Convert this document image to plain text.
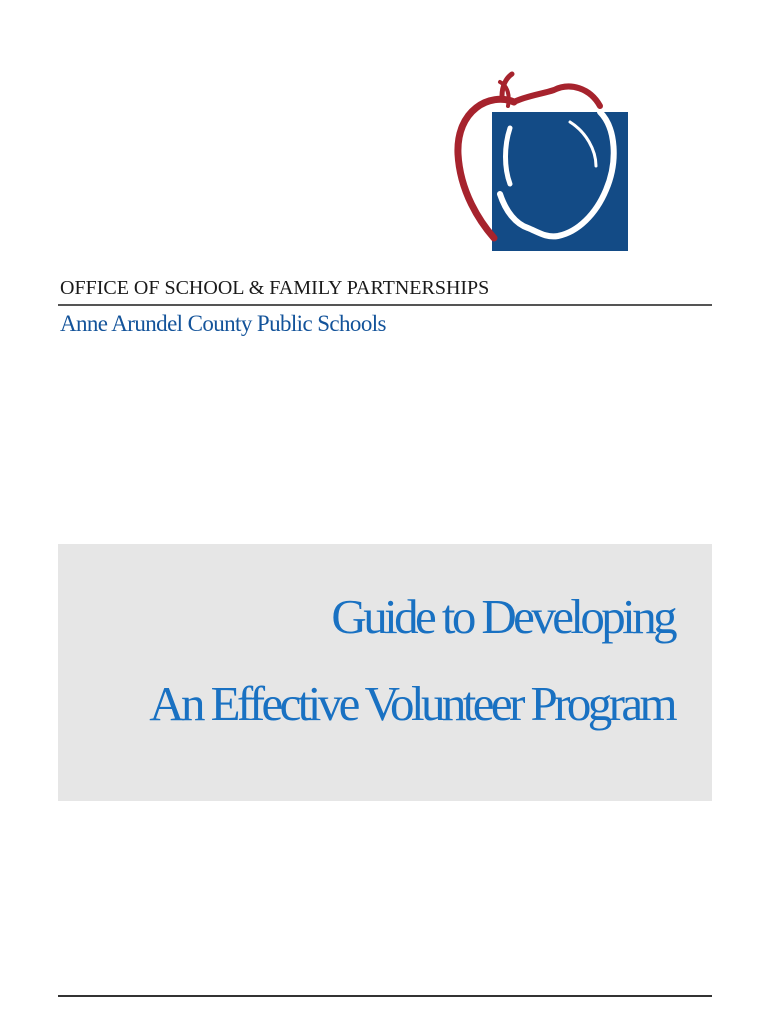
OFFICE OF SCHOOL & FAMILY PARTNERSHIPS
Anne Arundel County Public Schools
Guide to Developing
An Effective Volunteer Program
